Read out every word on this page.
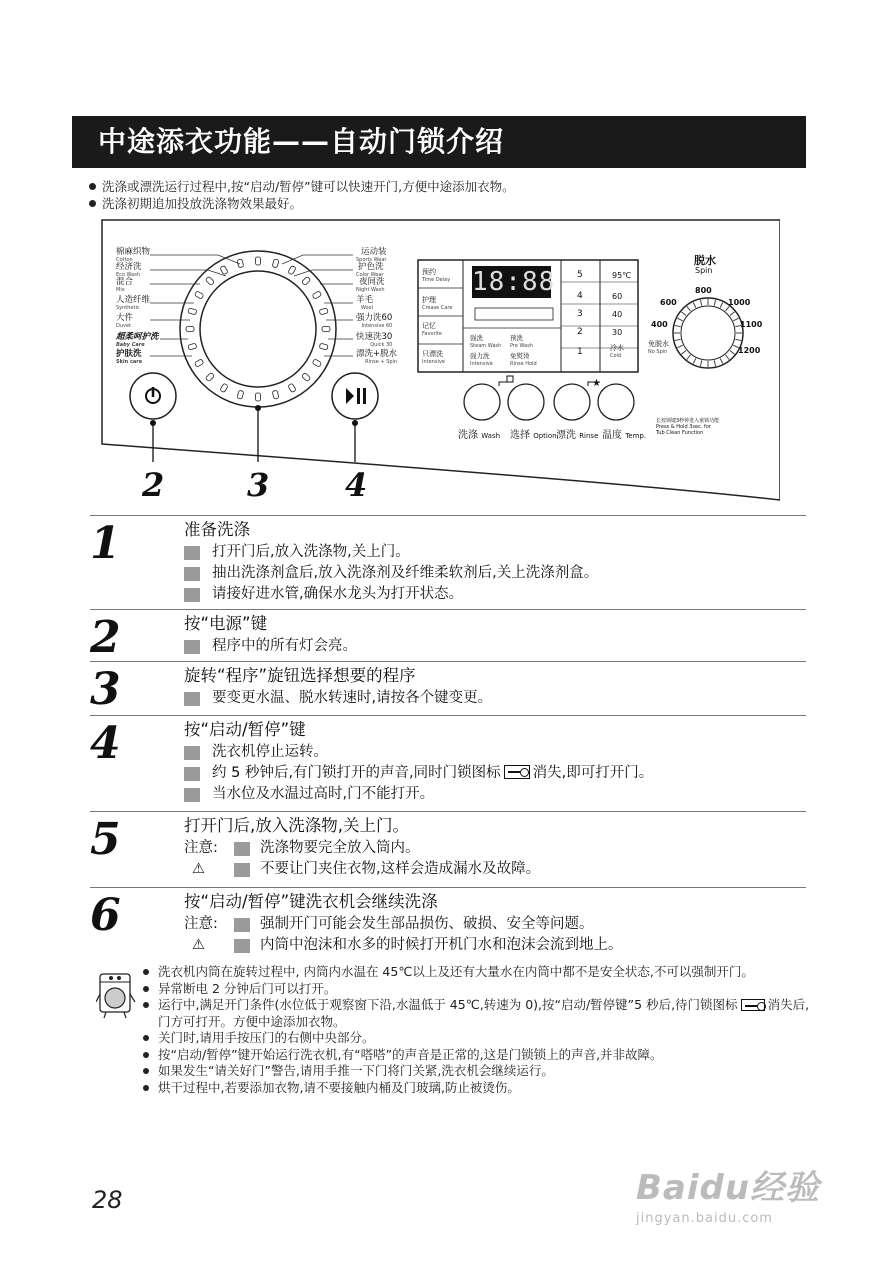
中途添衣功能——自动门锁介绍
洗涤或漂洗运行过程中,按“启动/暂停”键可以快速开门,方便中途添加衣物。
洗涤初期追加投放洗涤物效果最好。
★
棉麻织物
Cotton
经济洗
Eco Wash
混合
Mix
人造纤维
Synthetic
大件
Duvet
超柔呵护洗
Baby Care
护肤洗
Skin care
运动装
Sports Wear
护色洗
Color Wear
夜间洗
Night Wash
羊毛
Wool
强力洗60
Intensive 60
快速洗30
Quick 30
漂洗+脱水
Rinse + Spin
18:88
预约
Time Delay
护理
Crease Care
记忆
Favorite
只漂洗
Intensive
强洗
Steam Wash
预洗
Pre Wash
强力洗
Intensive
免熨烫
Rinse Hold
5
4
3
2
1
95℃
60
40
30
冷水
Cold
脱水
Spin
800
600	1000
400	1100
1200
免脱水
No Spin
洗涤 Wash 选择 Option 漂洗 Rinse 温度 Temp.
长按锁键3秒钟进入童锁功能
Press & Hold 3sec. for
Tub Clean Function
2	3 4
1	准备洗涤
打开门后,放入洗涤物,关上门。
抽出洗涤剂盒后,放入洗涤剂及纤维柔软剂后,关上洗涤剂盒。
请接好进水管,确保水龙头为打开状态。
2	按“电源”键
程序中的所有灯会亮。
3	旋转“程序”旋钮选择想要的程序
要变更水温、脱水转速时,请按各个键变更。
4	按“启动/暂停”键
洗衣机停止运转。
约 5 秒钟后,有门锁打开的声音,同时门锁图标 消失,即可打开门。
当水位及水温过高时,门不能打开。
5	打开门后,放入洗涤物,关上门。
注意:	洗涤物要完全放入筒内。
⚠	不要让门夹住衣物,这样会造成漏水及故障。
6	按“启动/暂停”键洗衣机会继续洗涤
注意:	强制开门可能会发生部品损伤、破损、安全等问题。
⚠	内筒中泡沫和水多的时候打开机门水和泡沫会流到地上。
洗衣机内筒在旋转过程中, 内筒内水温在 45℃以上及还有大量水在内筒中都不是安全状态,不可以强制开门。
异常断电 2 分钟后门可以打开。
运行中,满足开门条件(水位低于观察窗下沿,水温低于 45℃,转速为 0),按“启动/暂停键”5 秒后,待门锁图标 消失后,门方可打开。方便中途添加衣物。
关门时,请用手按压门的右侧中央部分。
按“启动/暂停”键开始运行洗衣机,有“嗒嗒”的声音是正常的,这是门锁锁上的声音,并非故障。
如果发生“请关好门”警告,请用手推一下门将门关紧,洗衣机会继续运行。
烘干过程中,若要添加衣物,请不要接触内桶及门玻璃,防止被烫伤。
28	Baidu经验
jingyan.baidu.com
